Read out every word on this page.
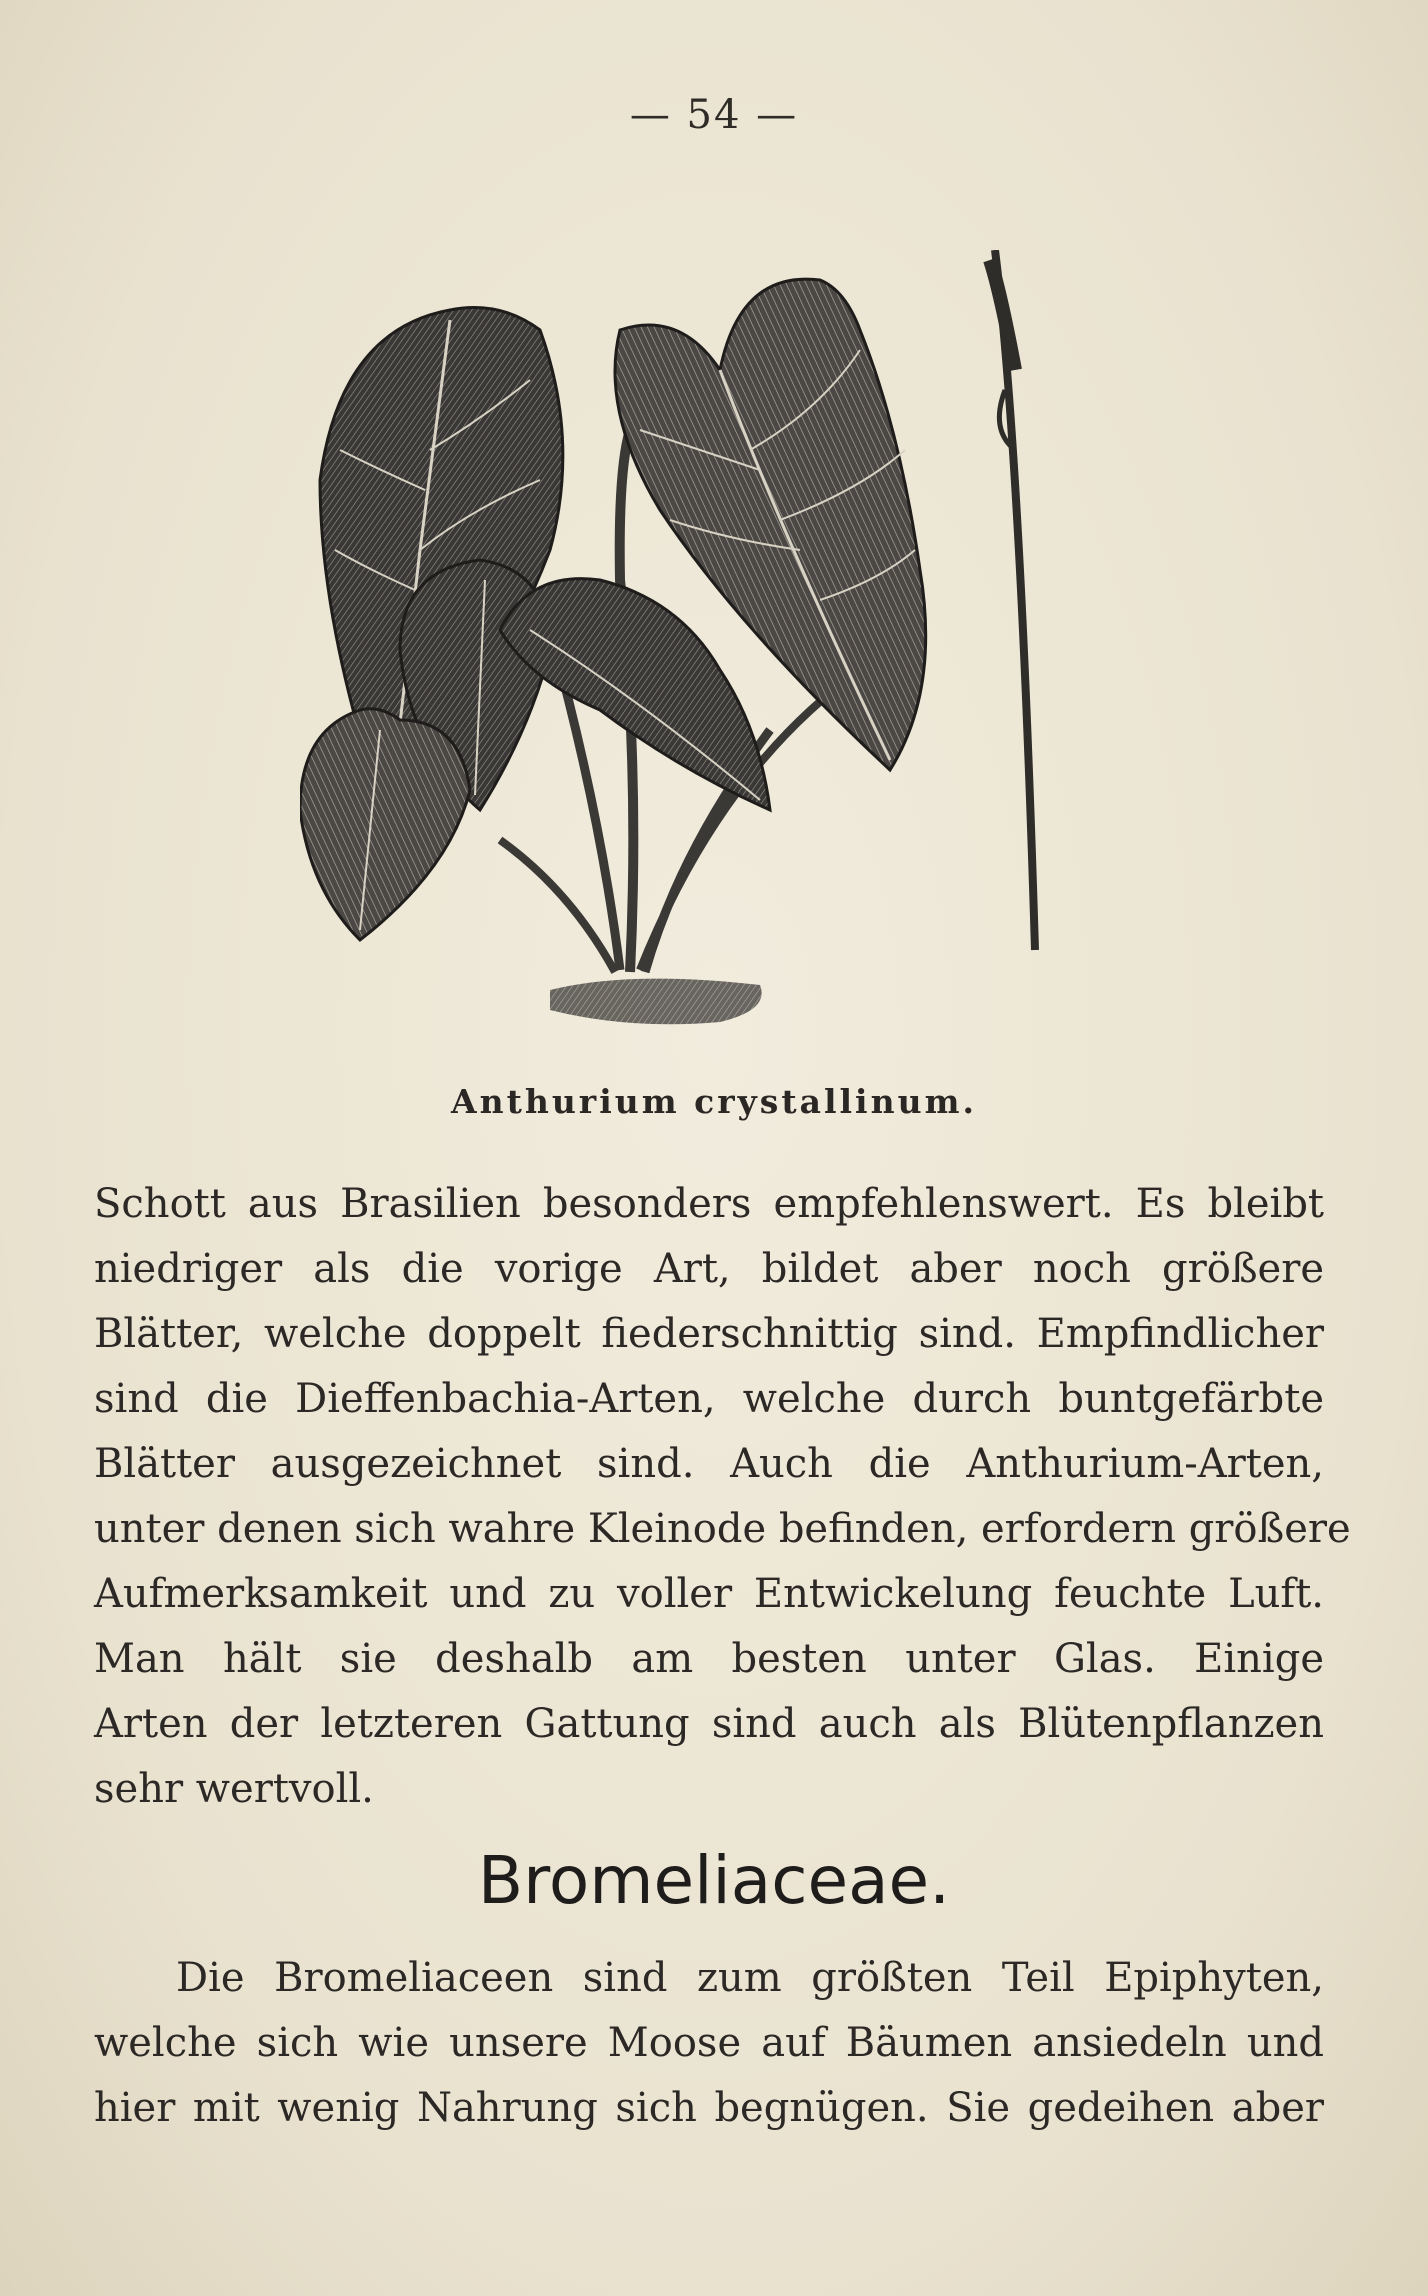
— 54 —
Anthurium crystallinum.
Schott aus Brasilien besonders empfehlenswert. Es bleibt
niedriger als die vorige Art, bildet aber noch größere
Blätter, welche doppelt fiederschnittig sind. Empfindlicher
sind die Dieffenbachia-Arten, welche durch buntgefärbte
Blätter ausgezeichnet sind. Auch die Anthurium-Arten,
unter denen sich wahre Kleinode befinden, erfordern größere
Aufmerksamkeit und zu voller Entwickelung feuchte Luft.
Man hält sie deshalb am besten unter Glas. Einige
Arten der letzteren Gattung sind auch als Blütenpflanzen
sehr wertvoll.
Bromeliaceae.
Die Bromeliaceen sind zum größten Teil Epiphyten,
welche sich wie unsere Moose auf Bäumen ansiedeln und
hier mit wenig Nahrung sich begnügen. Sie gedeihen aber
